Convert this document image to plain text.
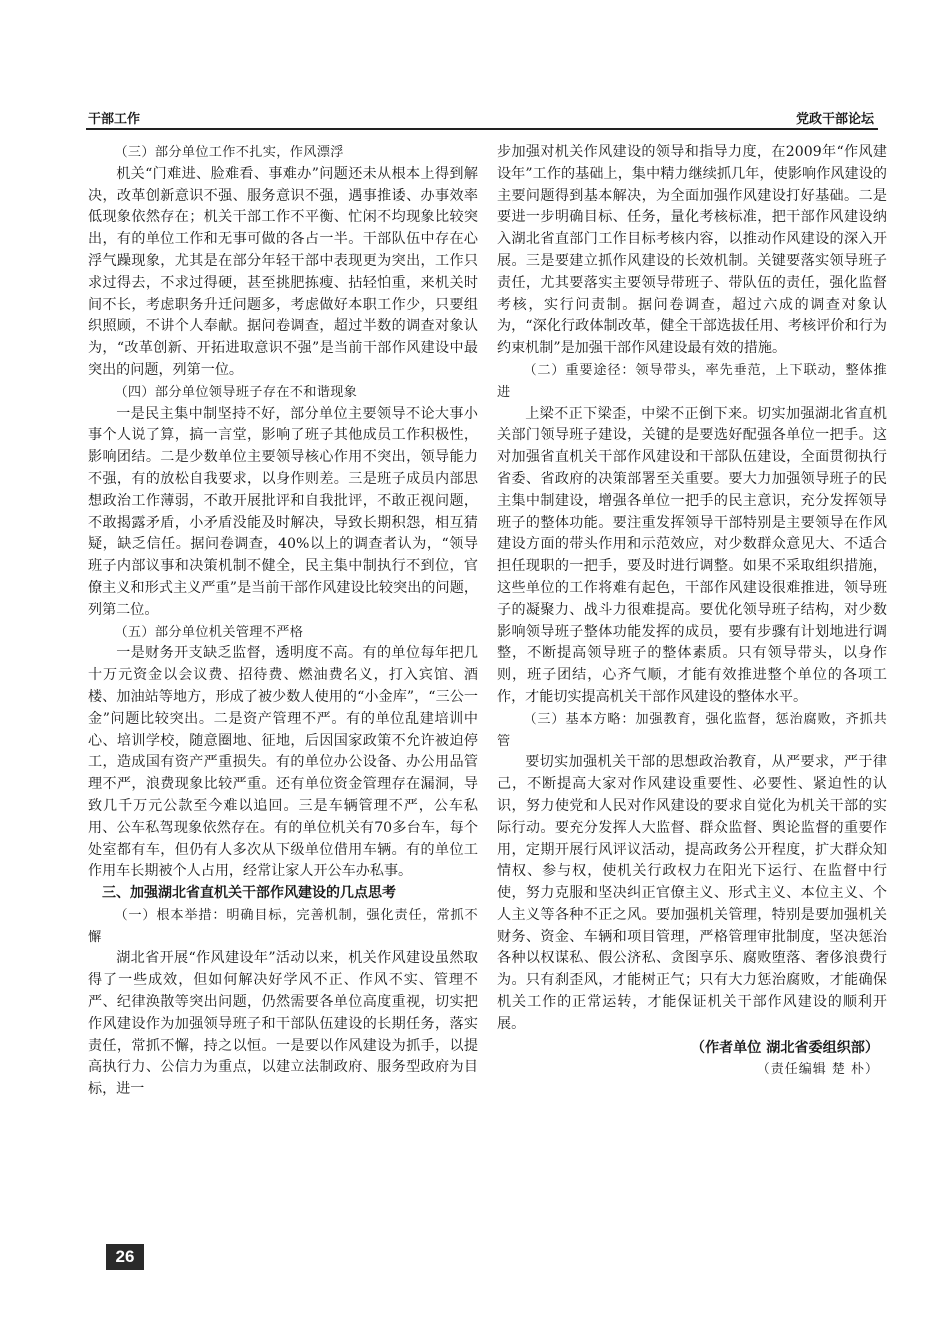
干部工作	党政干部论坛

（三）部分单位工作不扎实，作风漂浮

机关“门难进、脸难看、事难办”问题还未从根本上得到解决，改革创新意识不强、服务意识不强，遇事推诿、办事效率低现象依然存在；机关干部工作不平衡、忙闲不均现象比较突出，有的单位工作和无事可做的各占一半。干部队伍中存在心浮气躁现象，尤其是在部分年轻干部中表现更为突出，工作只求过得去，不求过得硬，甚至挑肥拣瘦、拈轻怕重，来机关时间不长，考虑职务升迁问题多，考虑做好本职工作少，只要组织照顾，不讲个人奉献。据问卷调查，超过半数的调查对象认为，“改革创新、开拓进取意识不强”是当前干部作风建设中最突出的问题，列第一位。

（四）部分单位领导班子存在不和谐现象

一是民主集中制坚持不好，部分单位主要领导不论大事小事个人说了算，搞一言堂，影响了班子其他成员工作积极性，影响团结。二是少数单位主要领导核心作用不突出，领导能力不强，有的放松自我要求，以身作则差。三是班子成员内部思想政治工作薄弱，不敢开展批评和自我批评，不敢正视问题，不敢揭露矛盾，小矛盾没能及时解决，导致长期积怨，相互猜疑，缺乏信任。据问卷调查，40%以上的调查者认为，“领导班子内部议事和决策机制不健全，民主集中制执行不到位，官僚主义和形式主义严重”是当前干部作风建设比较突出的问题，列第二位。

（五）部分单位机关管理不严格

一是财务开支缺乏监督，透明度不高。有的单位每年把几十万元资金以会议费、招待费、燃油费名义，打入宾馆、酒楼、加油站等地方，形成了被少数人使用的“小金库”，“三公一金”问题比较突出。二是资产管理不严。有的单位乱建培训中心、培训学校，随意圈地、征地，后因国家政策不允许被迫停工，造成国有资产严重损失。有的单位办公设备、办公用品管理不严，浪费现象比较严重。还有单位资金管理存在漏洞，导致几千万元公款至今难以追回。三是车辆管理不严，公车私用、公车私驾现象依然存在。有的单位机关有70多台车，每个处室都有车，但仍有人多次从下级单位借用车辆。有的单位工作用车长期被个人占用，经常让家人开公车办私事。

三、加强湖北省直机关干部作风建设的几点思考

（一）根本举措：明确目标，完善机制，强化责任，常抓不懈

湖北省开展“作风建设年”活动以来，机关作风建设虽然取得了一些成效，但如何解决好学风不正、作风不实、管理不严、纪律涣散等突出问题，仍然需要各单位高度重视，切实把作风建设作为加强领导班子和干部队伍建设的长期任务，落实责任，常抓不懈，持之以恒。一是要以作风建设为抓手，以提高执行力、公信力为重点，以建立法制政府、服务型政府为目标，进一

步加强对机关作风建设的领导和指导力度，在2009年“作风建设年”工作的基础上，集中精力继续抓几年，使影响作风建设的主要问题得到基本解决，为全面加强作风建设打好基础。二是要进一步明确目标、任务，量化考核标准，把干部作风建设纳入湖北省直部门工作目标考核内容，以推动作风建设的深入开展。三是要建立抓作风建设的长效机制。关键要落实领导班子责任，尤其要落实主要领导带班子、带队伍的责任，强化监督考核，实行问责制。据问卷调查，超过六成的调查对象认为，“深化行政体制改革，健全干部选拔任用、考核评价和行为约束机制”是加强干部作风建设最有效的措施。

（二）重要途径：领导带头，率先垂范，上下联动，整体推进

上梁不正下梁歪，中梁不正倒下来。切实加强湖北省直机关部门领导班子建设，关键的是要选好配强各单位一把手。这对加强省直机关干部作风建设和干部队伍建设，全面贯彻执行省委、省政府的决策部署至关重要。要大力加强领导班子的民主集中制建设，增强各单位一把手的民主意识，充分发挥领导班子的整体功能。要注重发挥领导干部特别是主要领导在作风建设方面的带头作用和示范效应，对少数群众意见大、不适合担任现职的一把手，要及时进行调整。如果不采取组织措施，这些单位的工作将难有起色，干部作风建设很难推进，领导班子的凝聚力、战斗力很难提高。要优化领导班子结构，对少数影响领导班子整体功能发挥的成员，要有步骤有计划地进行调整，不断提高领导班子的整体素质。只有领导带头，以身作则，班子团结，心齐气顺，才能有效推进整个单位的各项工作，才能切实提高机关干部作风建设的整体水平。

（三）基本方略：加强教育，强化监督，惩治腐败，齐抓共管

要切实加强机关干部的思想政治教育，从严要求，严于律己，不断提高大家对作风建设重要性、必要性、紧迫性的认识，努力使党和人民对作风建设的要求自觉化为机关干部的实际行动。要充分发挥人大监督、群众监督、舆论监督的重要作用，定期开展行风评议活动，提高政务公开程度，扩大群众知情权、参与权，使机关行政权力在阳光下运行、在监督中行使，努力克服和坚决纠正官僚主义、形式主义、本位主义、个人主义等各种不正之风。要加强机关管理，特别是要加强机关财务、资金、车辆和项目管理，严格管理审批制度，坚决惩治各种以权谋私、假公济私、贪图享乐、腐败堕落、奢侈浪费行为。只有刹歪风，才能树正气；只有大力惩治腐败，才能确保机关工作的正常运转，才能保证机关干部作风建设的顺利开展。

（作者单位 湖北省委组织部）

（责任编辑 楚 朴）

26
